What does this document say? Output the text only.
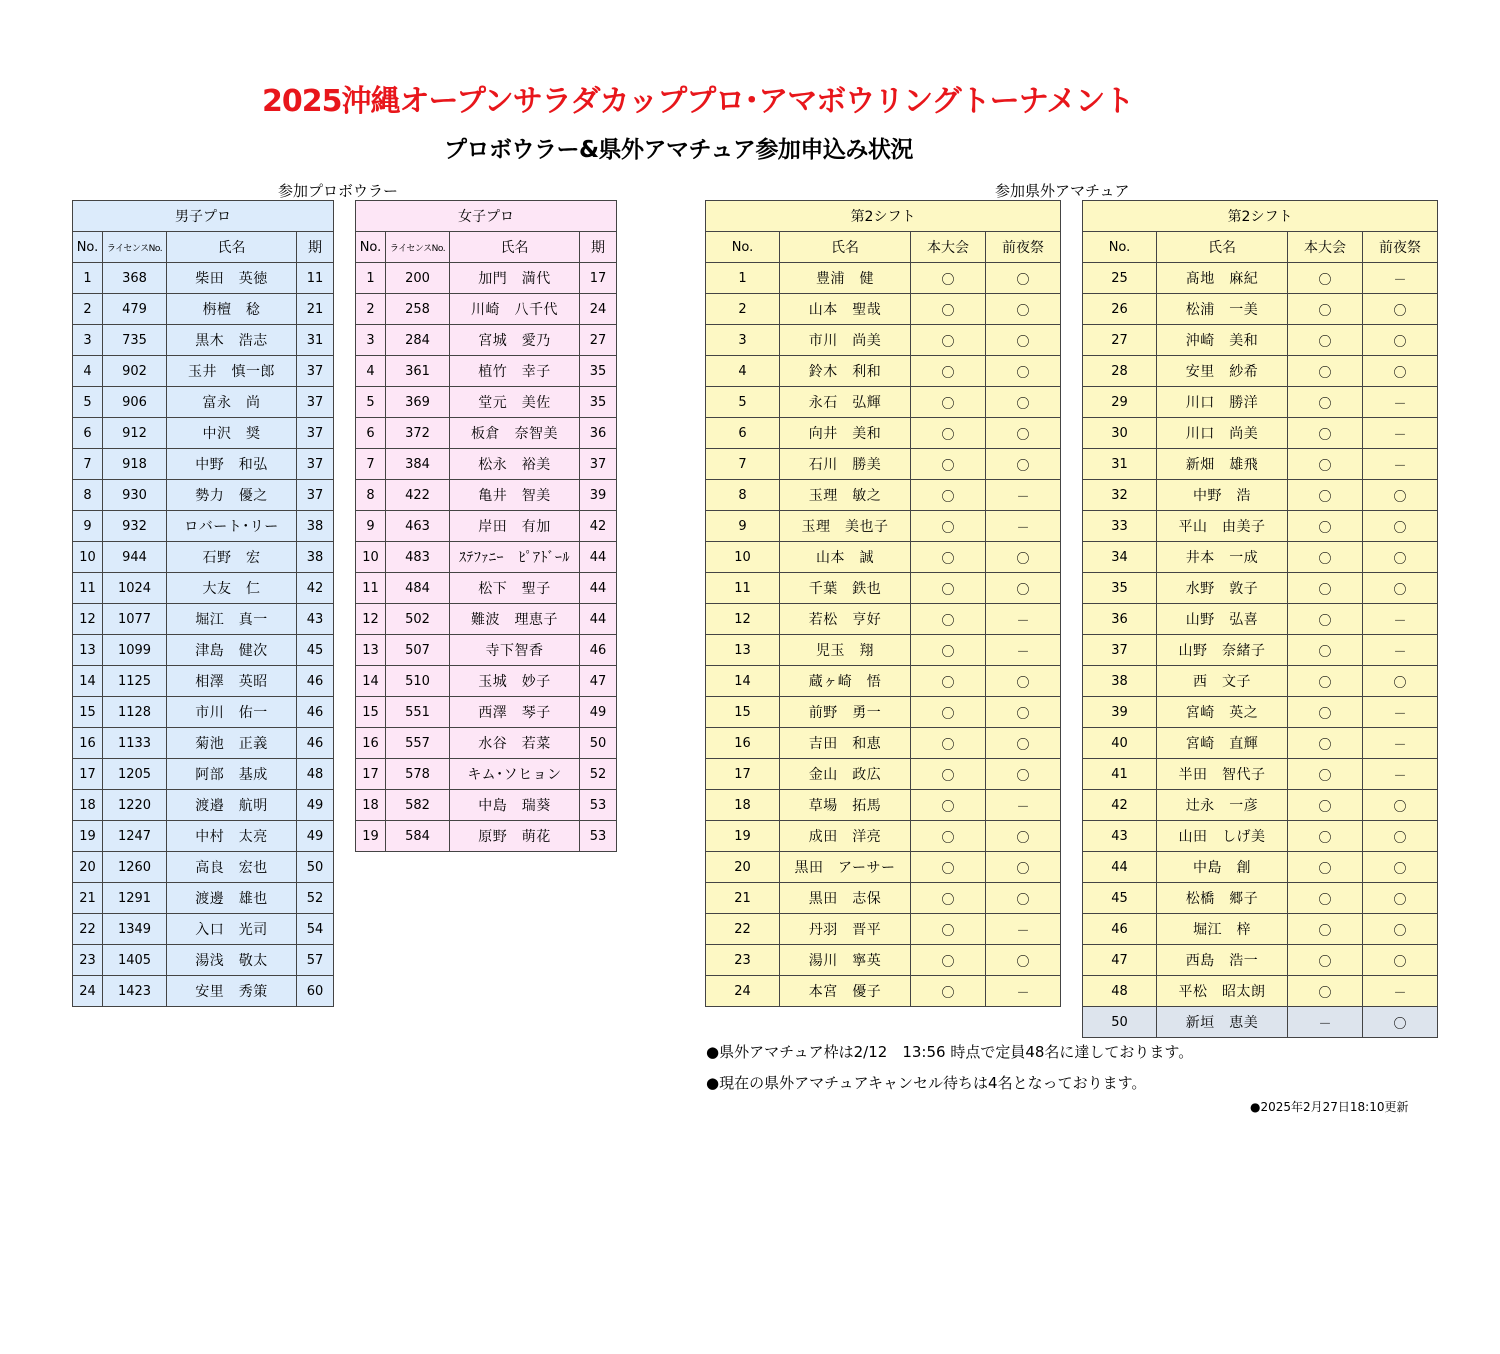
2025沖縄オープンサラダカッププロ･アマボウリングトーナメント
プロボウラー&県外アマチュア参加申込み状況
参加プロボウラー	参加県外アマチュア
男子プロ			
No.	ライセンスNo.	氏名	期
1	368	柴田　英徳	11
2	479	栴檀　稔	21
3	735	黒木　浩志	31
4	902	玉井　慎一郎	37
5	906	富永　尚	37
6	912	中沢　奨	37
7	918	中野　和弘	37
8	930	勢力　優之	37
9	932	ロバート･リー	38
10	944	石野　宏	38
11	1024	大友　仁	42
12	1077	堀江　真一	43
13	1099	津島　健次	45
14	1125	相澤　英昭	46
15	1128	市川　佑一	46
16	1133	菊池　正義	46
17	1205	阿部　基成	48
18	1220	渡邉　航明	49
19	1247	中村　太亮	49
20	1260	高良　宏也	50
21	1291	渡邊　雄也	52
22	1349	入口　光司	54
23	1405	湯浅　敬太	57
24	1423	安里　秀策	60
女子プロ			
No.	ライセンスNo.	氏名	期
1	200	加門　満代	17
2	258	川崎　八千代	24
3	284	宮城　愛乃	27
4	361	植竹　幸子	35
5	369	堂元　美佐	35
6	372	板倉　奈智美	36
7	384	松永　裕美	37
8	422	亀井　智美	39
9	463	岸田　有加	42
10	483	ｽﾃﾌｧﾆｰ　ﾋﾟｱﾄﾞｰﾙ	44
11	484	松下　聖子	44
12	502	難波　理恵子	44
13	507	寺下智香	46
14	510	玉城　妙子	47
15	551	西澤　琴子	49
16	557	水谷　若菜	50
17	578	キム･ソヒョン	52
18	582	中島　瑞葵	53
19	584	原野　萌花	53
第2シフト			
No.	氏名	本大会	前夜祭
1	豊浦　健	〇	〇
2	山本　聖哉	〇	〇
3	市川　尚美	〇	〇
4	鈴木　利和	〇	〇
5	永石　弘輝	〇	〇
6	向井　美和	〇	〇
7	石川　勝美	〇	〇
8	玉理　敏之	〇	－
9	玉理　美也子	〇	－
10	山本　誠	〇	〇
11	千葉　鉄也	〇	〇
12	若松　亨好	〇	－
13	児玉　翔	〇	－
14	蔵ヶ崎　悟	〇	〇
15	前野　勇一	〇	〇
16	吉田　和恵	〇	〇
17	金山　政広	〇	〇
18	草場　拓馬	〇	－
19	成田　洋亮	〇	〇
20	黒田　アーサー	〇	〇
21	黒田　志保	〇	〇
22	丹羽　晋平	〇	－
23	湯川　寧英	〇	〇
24	本宮　優子	〇	－
第2シフト			
No.	氏名	本大会	前夜祭
25	髙地　麻紀	〇	－
26	松浦　一美	〇	〇
27	沖崎　美和	〇	〇
28	安里　紗希	〇	〇
29	川口　勝洋	〇	－
30	川口　尚美	〇	－
31	新畑　雄飛	〇	－
32	中野　浩	〇	〇
33	平山　由美子	〇	〇
34	井本　一成	〇	〇
35	水野　敦子	〇	〇
36	山野　弘喜	〇	－
37	山野　奈緒子	〇	－
38	西　文子	〇	〇
39	宮崎　英之	〇	－
40	宮崎　直輝	〇	－
41	半田　智代子	〇	－
42	辻永　一彦	〇	〇
43	山田　しげ美	〇	〇
44	中島　創	〇	〇
45	松橋　郷子	〇	〇
46	堀江　梓	〇	〇
47	西島　浩一	〇	〇
48	平松　昭太朗	〇	－
50	新垣　恵美	－	〇
●県外アマチュア枠は2/12　13:56 時点で定員48名に達しております。
●現在の県外アマチュアキャンセル待ちは4名となっております。
●2025年2月27日18:10更新
